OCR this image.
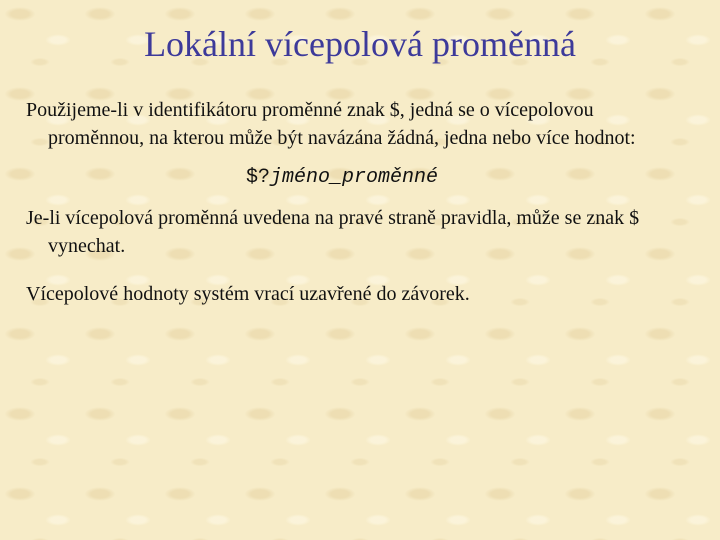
Lokální vícepolová proměnná

Použijeme-li v identifikátoru proměnné znak $, jedná se o vícepolovou proměnnou, na kterou může být navázána žádná, jedna nebo více hodnot:

$?jméno_proměnné

Je-li vícepolová proměnná uvedena na pravé straně pravidla, může se znak $ vynechat.

Vícepolové hodnoty systém vrací uzavřené do závorek.
